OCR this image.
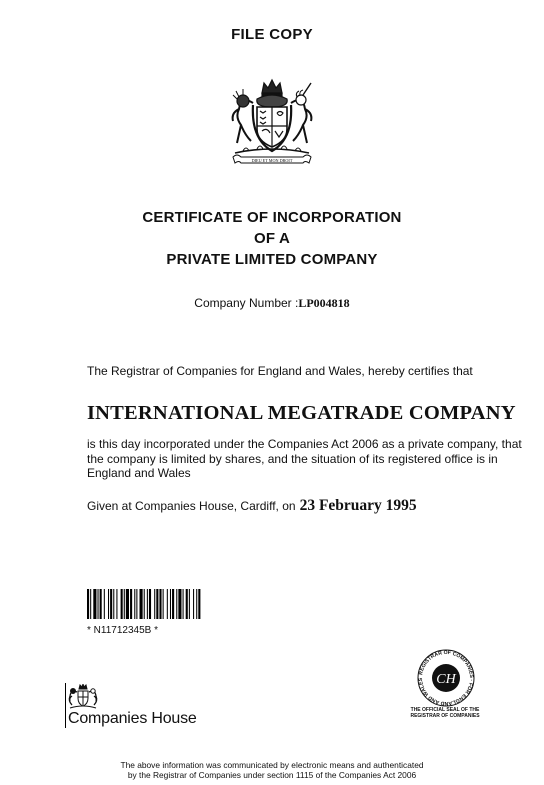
FILE COPY
DIEU ET MON DROIT
CERTIFICATE OF INCORPORATION
OF A
PRIVATE LIMITED COMPANY
Company Number :LP004818
The Registrar of Companies for England and Wales, hereby certifies that
INTERNATIONAL MEGATRADE COMPANY
is this day incorporated under the Companies Act 2006 as a private company, that the company is limited by shares, and the situation of its registered office is in England and Wales
Given at Companies House, Cardiff, on 23 February 1995
* N11712345B *
Companies House
REGISTRAR OF COMPANIES · FOR ENGLAND AND WALES CH
THE OFFICIAL SEAL OF THE
REGISTRAR OF COMPANIES
The above information was communicated by electronic means and authenticated
by the Registrar of Companies under section 1115 of the Companies Act 2006
